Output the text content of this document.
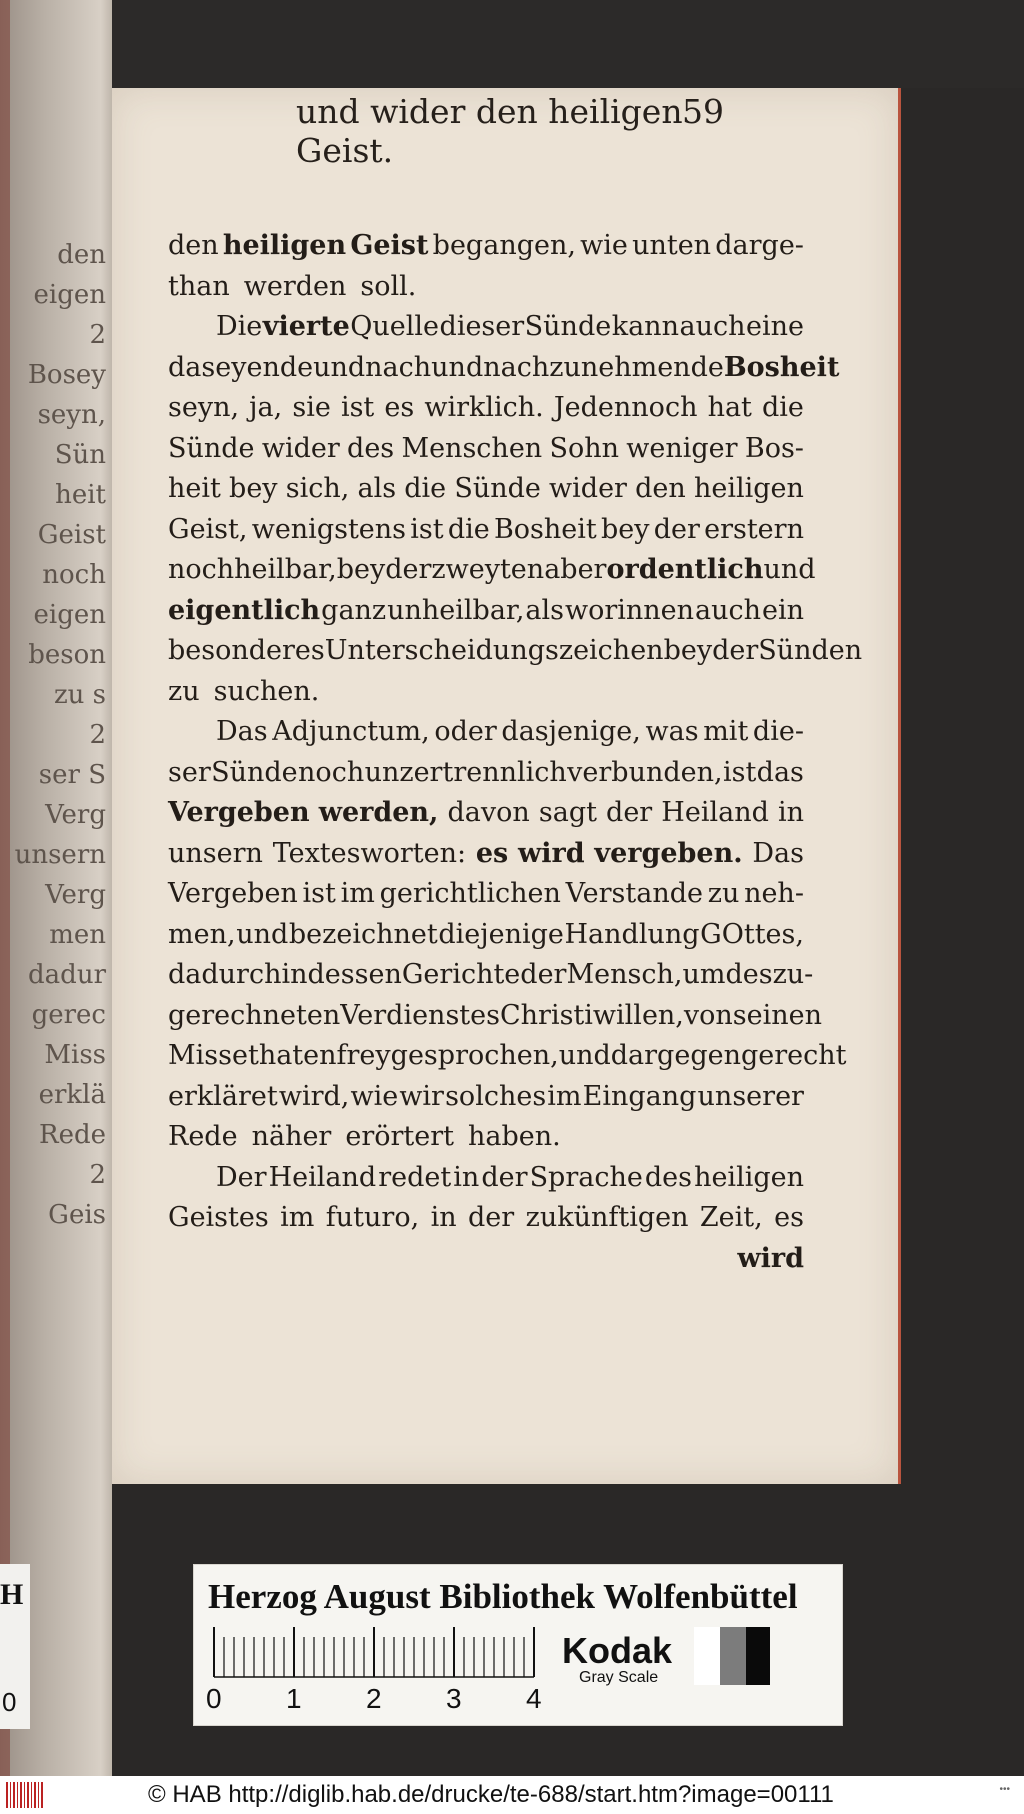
den
eigen
2
Bosey
seyn,
Sün
heit
Geist
noch
eigen
beson
zu s
2
ser S
Verg
unsern
Verg
men
dadur
gerec
Miss
erklä
Rede
2
Geis
und wider den heiligen Geist.
59
den heiligen Geist begangen, wie unten darge-
than werden soll.
Die vierte Quelle dieser Sünde kann auch eine
daseyende und nach und nach zunehmende Bosheit
seyn, ja, sie ist es wirklich. Jedennoch hat die
Sünde wider des Menschen Sohn weniger Bos-
heit bey sich, als die Sünde wider den heiligen
Geist, wenigstens ist die Bosheit bey der erstern
noch heilbar, bey der zweyten aber ordentlich und
eigentlich ganz unheilbar, als worinnen auch ein
besonderes Unterscheidungszeichen beyder Sünden
zu suchen.
Das Adjunctum, oder dasjenige, was mit die-
ser Sünde noch unzertrennlich verbunden, ist das
Vergeben werden, davon sagt der Heiland in
unsern Textesworten: es wird vergeben. Das
Vergeben ist im gerichtlichen Verstande zu neh-
men, und bezeichnet diejenige Handlung GOttes,
dadurch in dessen Gerichte der Mensch, um des zu-
gerechneten Verdienstes Christi willen, von seinen
Missethaten freygesprochen, und dargegen gerecht
erkläret wird, wie wir solches im Eingang unserer
Rede näher erörtert haben.
Der Heiland redet in der Sprache des heiligen
Geistes im futuro, in der zukünftigen Zeit, es
wird
H
0
Herzog August Bibliothek Wolfenbüttel
Kodak
Gray Scale
0 1 2 3 4
© HAB http://diglib.hab.de/drucke/te-688/start.htm?image=00111	•••
